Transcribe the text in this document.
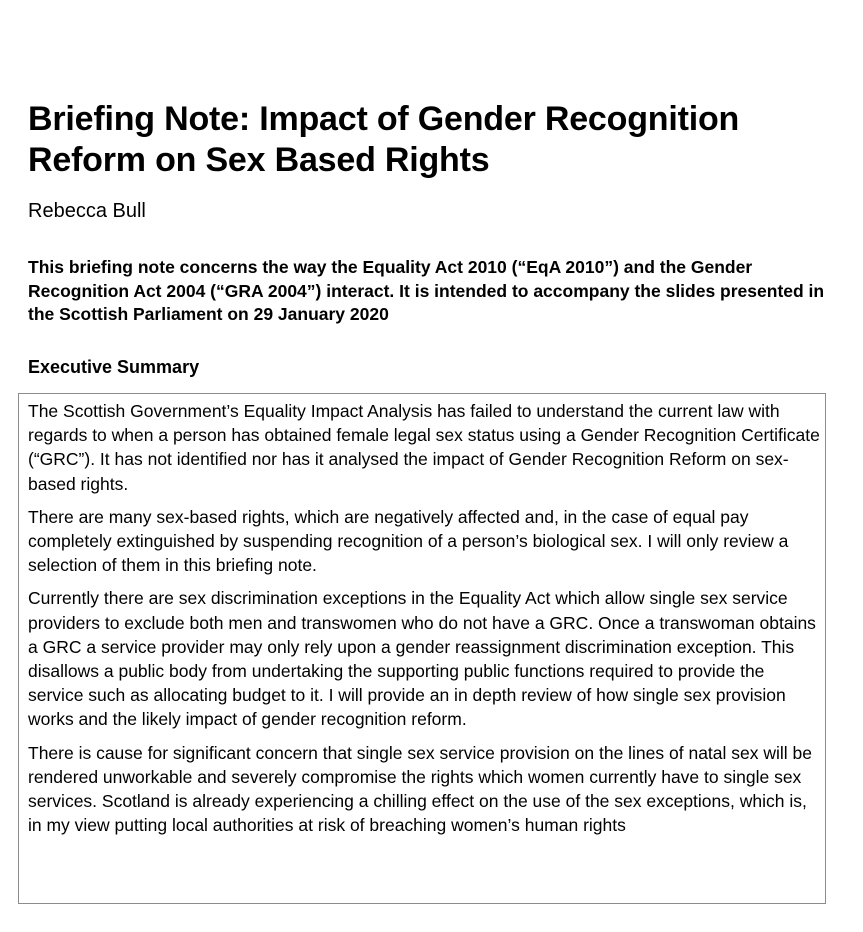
Briefing Note: Impact of Gender Recognition Reform on Sex Based Rights

Rebecca Bull

This briefing note concerns the way the Equality Act 2010 (“EqA 2010”) and the Gender Recognition Act 2004 (“GRA 2004”) interact. It is intended to accompany the slides presented in the Scottish Parliament on 29 January 2020

Executive Summary

The Scottish Government’s Equality Impact Analysis has failed to understand the current law with regards to when a person has obtained female legal sex status using a Gender Recognition Certificate (“GRC”). It has not identified nor has it analysed the impact of Gender Recognition Reform on sex-based rights.

There are many sex-based rights, which are negatively affected and, in the case of equal pay completely extinguished by suspending recognition of a person’s biological sex. I will only review a selection of them in this briefing note.

Currently there are sex discrimination exceptions in the Equality Act which allow single sex service providers to exclude both men and transwomen who do not have a GRC. Once a transwoman obtains a GRC a service provider may only rely upon a gender reassignment discrimination exception. This disallows a public body from undertaking the supporting public functions required to provide the service such as allocating budget to it. I will provide an in depth review of how single sex provision works and the likely impact of gender recognition reform.

There is cause for significant concern that single sex service provision on the lines of natal sex will be rendered unworkable and severely compromise the rights which women currently have to single sex services. Scotland is already experiencing a chilling effect on the use of the sex exceptions, which is, in my view putting local authorities at risk of breaching women’s human rights
